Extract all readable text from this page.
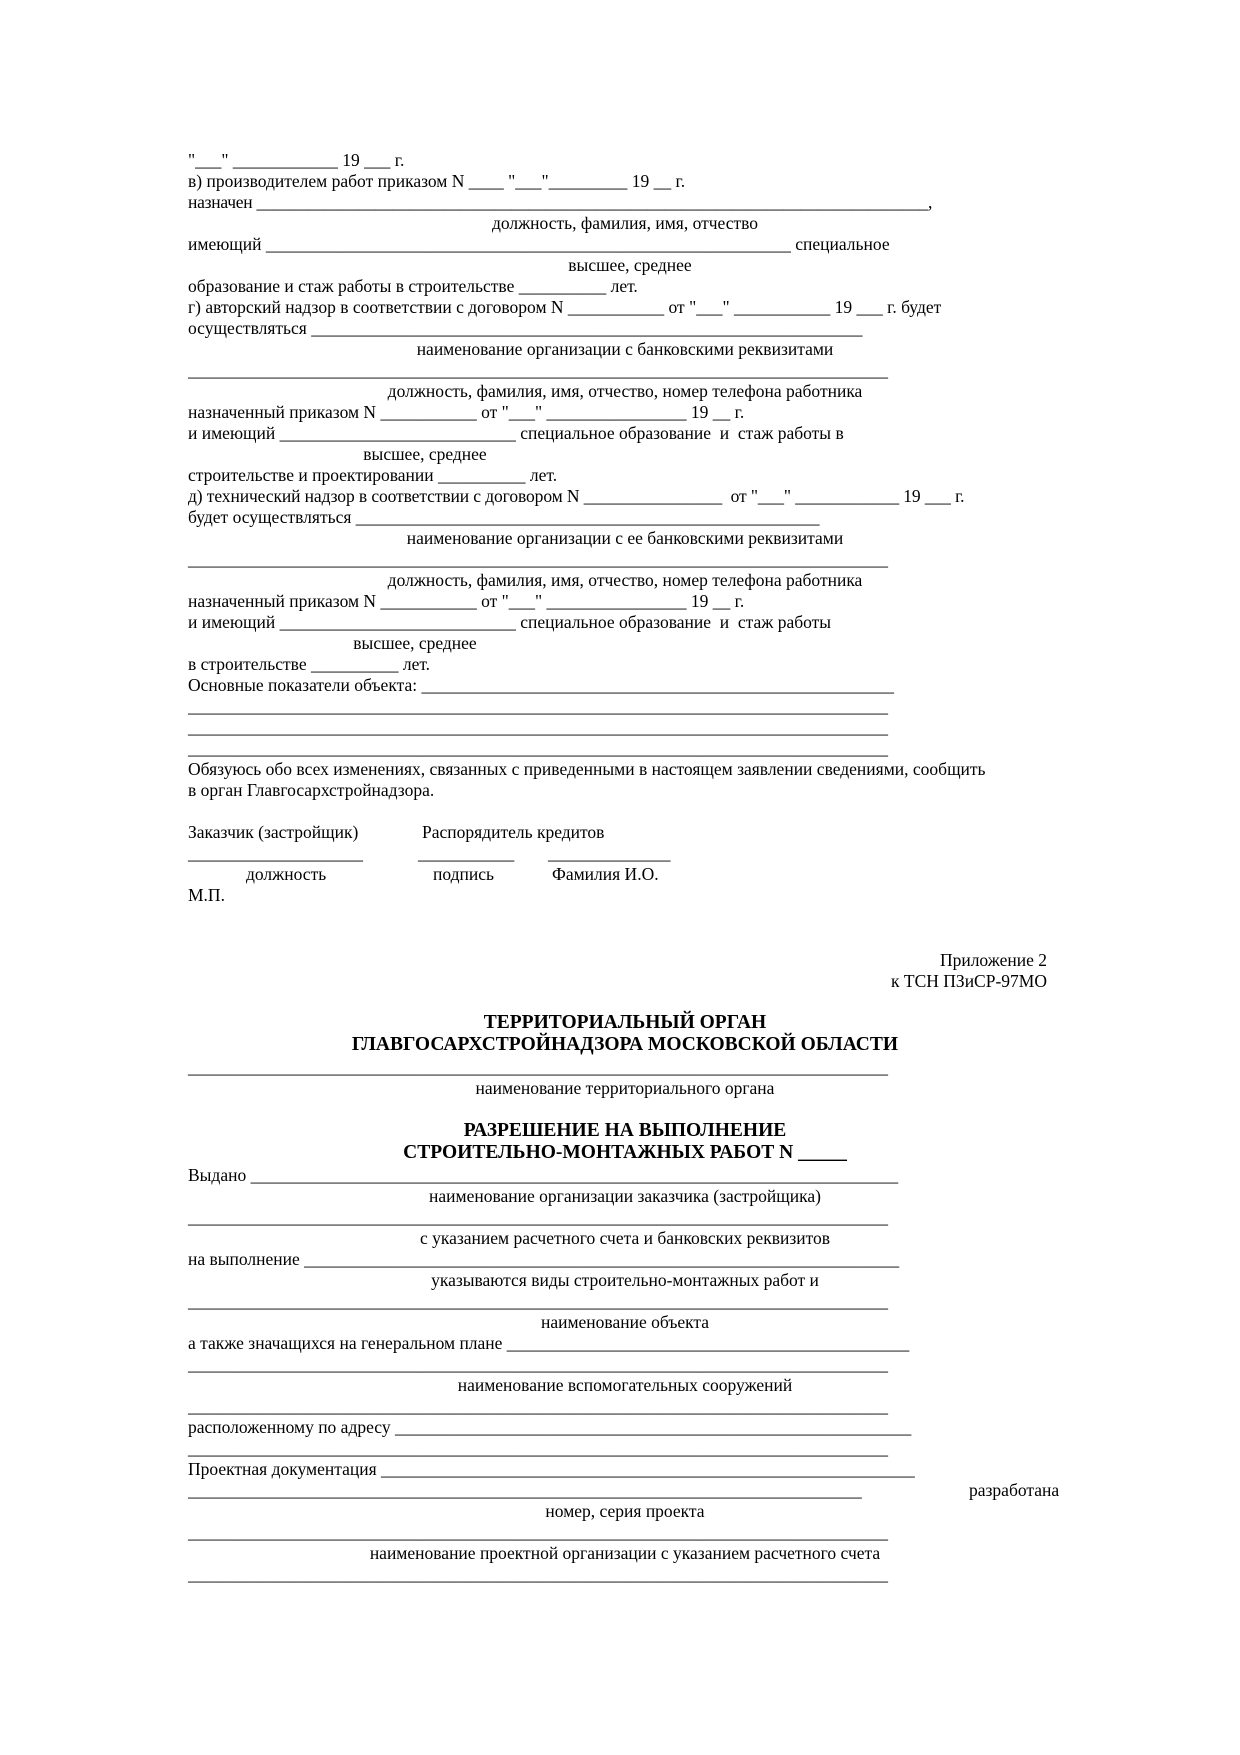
"___" ____________ 19 ___ г.
в) производителем работ приказом N ____ "___"_________ 19 __ г.
назначен _______________________________________________________________________________,
должность, фамилия, имя, отчество
имеющий ____________________________________________________________ специальное
высшее, среднее
образование и стаж работы в строительстве __________ лет.
г) авторский надзор в соответствии с договором N ___________ от "___" ___________ 19 ___ г. будет
осуществляться _______________________________________________________________
наименование организации с банковскими реквизитами
________________________________________________________________________________
должность, фамилия, имя, отчество, номер телефона работника
назначенный приказом N ___________ от "___" ________________ 19 __ г.
и имеющий ___________________________ специальное образование  и  стаж работы в
высшее, среднее
строительстве и проектировании __________ лет.
д) технический надзор в соответствии с договором N ________________  от "___" ____________ 19 ___ г.
будет осуществляться _____________________________________________________
наименование организации с ее банковскими реквизитами
________________________________________________________________________________
должность, фамилия, имя, отчество, номер телефона работника
назначенный приказом N ___________ от "___" ________________ 19 __ г.
и имеющий ___________________________ специальное образование  и  стаж работы
высшее, среднее
в строительстве __________ лет.
Основные показатели объекта: ______________________________________________________
________________________________________________________________________________
________________________________________________________________________________
________________________________________________________________________________
Обязуюсь обо всех изменениях, связанных с приведенными в настоящем заявлении сведениями, сообщить
в орган Главгосархстройнадзора.
Заказчик (застройщик)	Распорядитель кредитов
____________________	___________ ______________
должность	подпись	Фамилия И.О.
М.П.
Приложение 2
к ТСН ПЗиСР-97МО
ТЕРРИТОРИАЛЬНЫЙ ОРГАН
ГЛАВГОСАРХСТРОЙНАДЗОРА МОСКОВСКОЙ ОБЛАСТИ
________________________________________________________________________________
наименование территориального органа
РАЗРЕШЕНИЕ НА ВЫПОЛНЕНИЕ
СТРОИТЕЛЬНО-МОНТАЖНЫХ РАБОТ N _____
Выдано __________________________________________________________________________
наименование организации заказчика (застройщика)
________________________________________________________________________________
с указанием расчетного счета и банковских реквизитов
на выполнение ____________________________________________________________________
указываются виды строительно-монтажных работ и
________________________________________________________________________________
наименование объекта
а также значащихся на генеральном плане ______________________________________________
________________________________________________________________________________
наименование вспомогательных сооружений
________________________________________________________________________________
расположенному по адресу ___________________________________________________________
________________________________________________________________________________
Проектная документация _____________________________________________________________
_____________________________________________________________________________	разработана
номер, серия проекта
________________________________________________________________________________
наименование проектной организации с указанием расчетного счета
________________________________________________________________________________
